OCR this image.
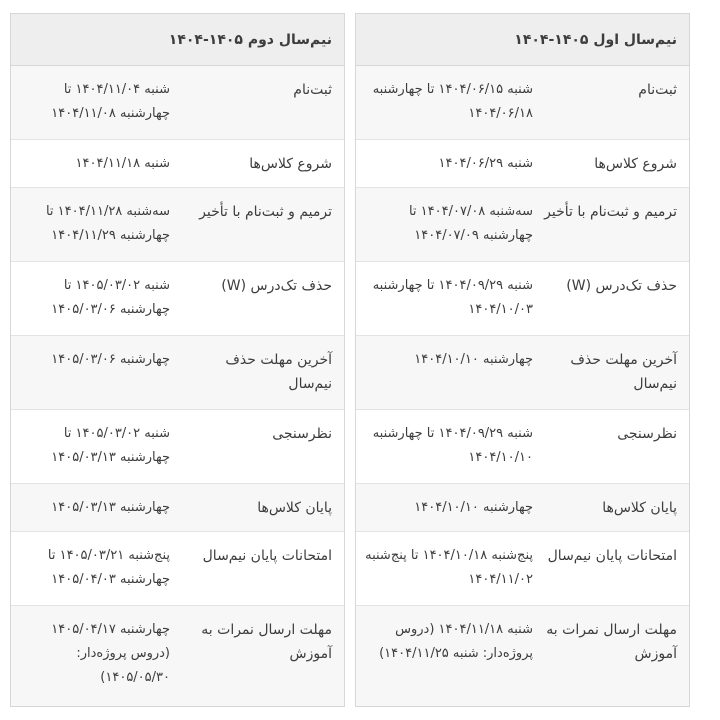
نیم‌سال اول ۱۴۰۵-۱۴۰۴
ثبت‌نام
شنبه ۱۴۰۴/۰۶/۱۵ تا چهارشنبه ۱۴۰۴/۰۶/۱۸
شروع کلاس‌ها
شنبه ۱۴۰۴/۰۶/۲۹
ترمیم و ثبت‌نام با تأخیر
سه‌شنبه ۱۴۰۴/۰۷/۰۸ تا چهارشنبه ۱۴۰۴/۰۷/۰۹
حذف تک‌درس (W)
شنبه ۱۴۰۴/۰۹/۲۹ تا چهارشنبه ۱۴۰۴/۱۰/۰۳
آخرین مهلت حذف نیم‌سال
چهارشنبه ۱۴۰۴/۱۰/۱۰
نظرسنجی
شنبه ۱۴۰۴/۰۹/۲۹ تا چهارشنبه ۱۴۰۴/۱۰/۱۰
پایان کلاس‌ها
چهارشنبه ۱۴۰۴/۱۰/۱۰
امتحانات پایان نیم‌سال
پنج‌شنبه ۱۴۰۴/۱۰/۱۸ تا پنج‌شنبه ۱۴۰۴/۱۱/۰۲
مهلت ارسال نمرات به آموزش
شنبه ۱۴۰۴/۱۱/۱۸ (دروس پروژه‌دار: شنبه ۱۴۰۴/۱۱/۲۵)
نیم‌سال دوم ۱۴۰۵-۱۴۰۴
ثبت‌نام
شنبه ۱۴۰۴/۱۱/۰۴ تا چهارشنبه ۱۴۰۴/۱۱/۰۸
شروع کلاس‌ها
شنبه ۱۴۰۴/۱۱/۱۸
ترمیم و ثبت‌نام با تأخیر
سه‌شنبه ۱۴۰۴/۱۱/۲۸ تا چهارشنبه ۱۴۰۴/۱۱/۲۹
حذف تک‌درس (W)
شنبه ۱۴۰۵/۰۳/۰۲ تا چهارشنبه ۱۴۰۵/۰۳/۰۶
آخرین مهلت حذف نیم‌سال
چهارشنبه ۱۴۰۵/۰۳/۰۶
نظرسنجی
شنبه ۱۴۰۵/۰۳/۰۲ تا چهارشنبه ۱۴۰۵/۰۳/۱۳
پایان کلاس‌ها
چهارشنبه ۱۴۰۵/۰۳/۱۳
امتحانات پایان نیم‌سال
پنج‌شنبه ۱۴۰۵/۰۳/۲۱ تا چهارشنبه ۱۴۰۵/۰۴/۰۳
مهلت ارسال نمرات به آموزش
چهارشنبه ۱۴۰۵/۰۴/۱۷ (دروس پروژه‌دار: ۱۴۰۵/۰۵/۳۰)
